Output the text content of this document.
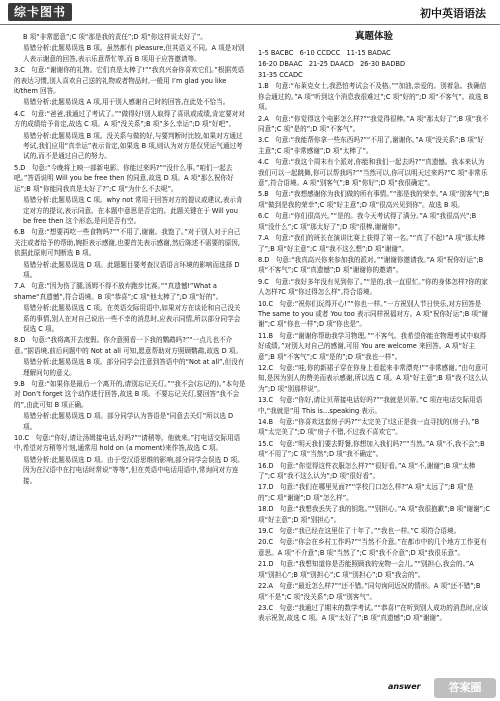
综卡图书	初中英语语法

B 项“非常愿意”;C 项“那是我的责任”;D 项“你这样说太好了”。

易错分析:此题易误选 B 项。虽然都有 pleasure,但其语义不同。A 项是对别人表示谢意的回答,表示乐意帮忙等,而 B 项用于应答邀请等。

3.C   句意:“谢谢你的礼物。它们真是太棒了!”“我真兴奋你喜欢它们。”根据英语的表达习惯,别人喜欢自己送的礼物或者物品时,一般用 I’m glad you like it/them 回答。

易错分析:此题易误选 A 项,用于别人感谢自己时的回答,在此处不恰当。

4.C   句意:“爸爸,我通过了考试了。”“做得好!别人取得了喜讯或成绩,肯定要对对方的成绩给予肯定,故选 C 项。A 项“没关系”;B 项“多么幸运”;D 项“好吧”。

易错分析:此题易误选 B 项。没关系与做的好,与要判断时比较,如果对方通过考试,我们应用“真幸运”表示肯定,如果选 B 项,则认为对方是仅凭运气通过考试的,而不是通过自己的努力。

5.D   句意:“今晚将上映一部新电影。你能过来吗?”“没什么事。”咱们一起去吧。”答语说明 Will you be free then 的同意,故选 D 项。A 项“那么祝你好运”;B 项“你能同我真是太好了?”;C 项“为什么不去呢”。

易错分析:此题易误选 C 项。why not 常用于回答对方的提议或建议,表示肯定对方的提议,表示同意。在本题中意思是否定的。此题关键在于 Will you be free then 这个形态,是问是否有空。

6.B   句意:“想要再吃一些食物吗?”“不用了,谢谢。我饱了。”对于别人对于自己关注或者给予的帮助,婉拒表示感谢,也要首先表示感谢,然后陈述不需要的原因,依据此原则可判断选 B 项。

易错分析:此题易误选 D 项。此题题目要考查汉语语言环境的影响而选择 D 项。

7.A   句意:“因为伤了腿,汤姆不得不放弃跑步比赛。”“真遗憾!”What a shame“真遗憾”,符合语境。B 项“恭喜”;C 项“他太棒了”;D 项“好的”。

易错分析:此题易误选 C 项。在英语交际用语中,如果对方在谈论和自己没关系的事情,别人在对自己说出一些不幸的消息时,应表示同情,所以部分同学会误选 C 项。

8.D   句意:“我将离开去度假。你介意照看一下我的鹦鹉吗?”“一点儿也不介意。”据语境,前后问题中的 Not at all 可知,愿意帮助对方照顾鹦鹉,故选 D 项。

易错分析:此题易误选 B 项。部分同学会注意到答语中的“Not at all”,但没有理解问句的意义。

9.B   句意:“如果你是最后一个离开的,请别忘记关灯。”“我不会(忘记的)。”本句是对 Don’t forget 这个动作进行回答,故选 B 项。不要忘记关灯,要回答“我不会的”,由此可知 B 项正确。

易错分析:此题易误选 D 项。部分同学认为答语是“同意去关灯”所以选 D 项。

10.C   句意:“你好,请让汤姆接电话,好吗?”“请稍等。他就来。”打电话交际用语中,希望对方稍等片刻,通常用 hold on (a moment)来作答,故选 C 项。

易错分析:此题易误选 D 项。由于受汉语思维的影响,部分同学会误选 D 项。因为在汉语中在打电话时常说“等等”,但在英语中电话用语中,常询问对方连接。

真题体验

1-5 BACBC   6-10 CCDCC   11-15 BADAC

16-20 DBAAC   21-25 DAACD   26-30 BADBD

31-35 CCADC

1.B   句意:“布莱克女士,我恐怕考试会不及格。”“加油,亲爱的。别着急。我确信你会通过的。”A 项“听到这个消息我很难过”;C 项“好的”;D 项“不客气”。故选 B 项。

2.A   句意:“你觉得这个电影怎么样?”“我觉得很棒。”A 项“那太好了”;B 项“我不同意”;C 项“是的”;D 项“不客气”。

3.C   句意:“我能帮你拿一些东西吗?”“不用了,谢谢你。”A 项“没关系”;B 项“好主意”;C 项“非常感谢”;D 项“太棒了”。

4.C   句意:“我这个周末有个派对,你能和我们一起去吗?”“真遗憾。我本来认为我们可以一起跳舞,你可以帮我吗?”“当然可以,你可以明天过来吗?”C 项“非常乐意”,符合语境。A 项“别客气”;B 项“你好”;D 项“我很确定”。

5.B   句意:“我想感谢你为我们做的所有事情。”“那是我的荣幸。”A 项“别客气”;B 项“做到是我的荣幸”;C 项“好主意”;D 项“很高兴见到你”。故选 B 项。

6.C   句意:“你们很高兴。”“是的。我今天考试得了满分。”A 项“我很高兴”;B 项“没什么”;C 项“那太好了”;D 项“很棒,谢谢你”。

7.A   句意:“我们的班长在演讲比赛上获得了第一名。”“真了不起!”A 项“那太棒了”;B 项“好主意”;C 项“我不这么想”;D 项“谢谢”。

8.D   句意:“我真高兴你来参加我的派对。”“谢谢你邀请我。”A 项“祝你好运”;B 项“不客气”;C 项“真遗憾”;D 项“谢谢你的邀请”。

9.C   句意:“我好多年没有见到你了。”“是的,我一直很忙。”你的身体怎样?你的家人怎样?C 项“你过得怎么样”,符合语境。

10.C   句意:“祝你们玩得开心!”“你也一样。”一方祝别人节日快乐,对方回答是 The same to you 或者 You too 表示同样祝福对方。A 项“祝你好运”;B 项“谢谢”;C 项“你也一样”;D 项“你也是”。

11.B   句意:“谢谢你帮助我学习物理。”“不客气。我希望你能在物理考试中取得好成绩。”对别人对自己的感谢,可用 You are welcome 来回答。A 项“好主意”;B 项“不客气”;C 项“是的”;D 项“我也一样”。

12.C   句意:“哇,你的新裙子穿在你身上看起来非常漂亮!”“非常感谢。”由句意可知,是因为别人的赞美而表示感谢,所以选 C 项。A 项“好主意”;B 项“我不这么认为”;D 项“别那样说”。

13.C   句意:“你好,请让贝蒂接电话好吗?”“我就是贝蒂。”C 项在电话交际用语中,“我就是”用 This is…speaking 表示。

14.B   句意:“你喜欢这套房子吗?”“太完美了!这正是我一直寻找的(房子)。”B 项“太完美了”;D 项“房子不错,不过我不喜欢它”。

15.C   句意:“明天我们要去野餐,你想加入我们吗?”“当然。”A 项“不,我不会”;B 项“不用了”;C 项“当然”;D 项“我不确定”。

16.D   句意:“你觉得这件衣服怎么样?”“很好看。”A 项“不,谢谢”;B 项“太棒了”;C 项“我不这么认为”;D 项“很好看”。

17.D   句意:“我们在哪里见面?”“学校门口怎么样?”A 项“太远了”;B 项“是的”;C 项“谢谢”;D 项“怎么样”。

18.D   句意:“我想我丢失了我的钥匙。”“别担心。”A 项“我很抱歉”;B 项“谢谢”;C 项“好主意”;D 项“别担心”。

19.C   句意:“我已经在这里住了十年了。”“我也一样。”C 项符合语境。

20.C   句意:“你会在乡村工作吗?”“当然不介意。”在都市中的几个地方工作更有意思。A 项“不介意”;B 项“当然了”;C 项“我不介意”;D 项“我很乐意”。

21.D   句意:“我想知道你是否能照顾我的宠物一会儿。”“别担心,我会的。”A 项“别担心”;B 项“别担心”;C 项“别担心”;D 项“我会的”。

22.A   句意:“最近怎么样?”“还不错。”同句询问近况的情形。A 项“还不错”;B 项“不是”;C 项“没关系”;D 项“别客气”。

23.C   句意:“我通过了期末的数学考试。”“恭喜!”在听到别人成功的消息时,应该表示祝贺,故选 C 项。A 项“太好了”;B 项“真遗憾”;D 项“谢谢”。

answer	答案圈
